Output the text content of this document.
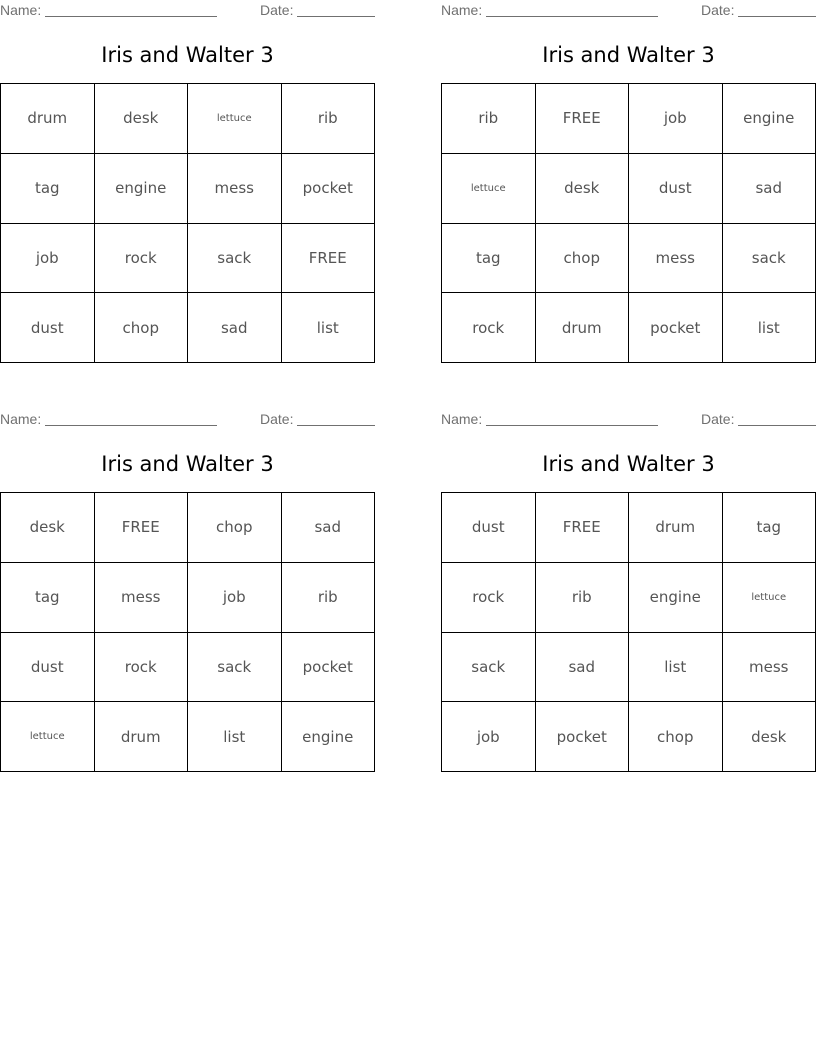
Name:	Date:
Iris and Walter 3
drum	desk	lettuce	rib
tag	engine	mess	pocket
job	rock	sack	FREE
dust	chop	sad	list
Name:	Date:
Iris and Walter 3
rib	FREE	job	engine
lettuce	desk	dust	sad
tag	chop	mess	sack
rock	drum	pocket	list
Name:	Date:
Iris and Walter 3
desk	FREE	chop	sad
tag	mess	job	rib
dust	rock	sack	pocket
lettuce	drum	list	engine
Name:	Date:
Iris and Walter 3
dust	FREE	drum	tag
rock	rib	engine	lettuce
sack	sad	list	mess
job	pocket	chop	desk
